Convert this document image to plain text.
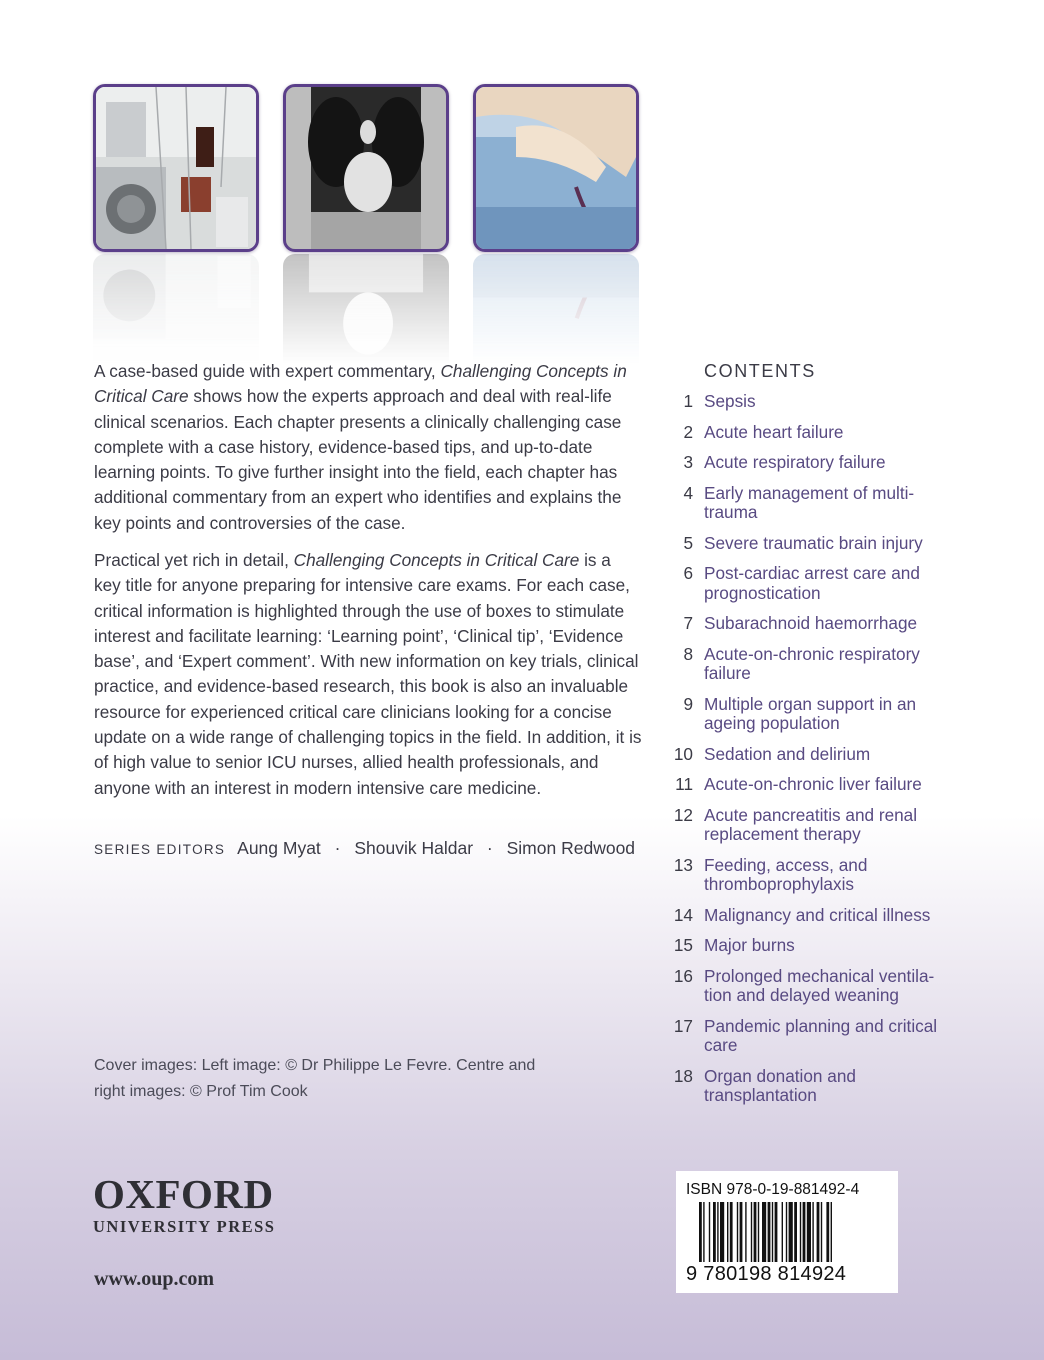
A case-based guide with expert commentary, Challenging Concepts in Critical Care shows how the experts approach and deal with real-life clinical scenarios. Each chapter presents a clinically challenging case complete with a case history, evidence-based tips, and up-to-date learning points. To give further insight into the field, each chapter has additional commentary from an expert who identifies and explains the key points and controversies of the case.

Practical yet rich in detail, Challenging Concepts in Critical Care is a key title for anyone preparing for intensive care exams. For each case, critical information is highlighted through the use of boxes to stimulate interest and facilitate learning: ‘Learning point’, ‘Clinical tip’, ‘Evidence base’, and ‘Expert comment’. With new information on key trials, clinical practice, and evidence-based research, this book is also an invaluable resource for experienced critical care clinicians looking for a concise update on a wide range of challenging topics in the field. In addition, it is of high value to senior ICU nurses, allied health professionals, and anyone with an interest in modern intensive care medicine.

SERIES EDITORS Aung Myat · Shouvik Haldar · Simon Redwood

Cover images: Left image: © Dr Philippe Le Fevre. Centre and right images: © Prof Tim Cook

OXFORD
UNIVERSITY PRESS
www.oup.com
CONTENTS
1 Sepsis
2 Acute heart failure
3 Acute respiratory failure
4 Early management of multi-trauma
5 Severe traumatic brain injury
6 Post-cardiac arrest care and prognostication
7 Subarachnoid haemorrhage
8 Acute-on-chronic respiratory failure
9 Multiple organ support in an ageing population
10 Sedation and delirium
11 Acute-on-chronic liver failure
12 Acute pancreatitis and renal replacement therapy
13 Feeding, access, and thromboprophylaxis
14 Malignancy and critical illness
15 Major burns
16 Prolonged mechanical ventila-tion and delayed weaning
17 Pandemic planning and critical care
18 Organ donation and transplantation
ISBN 978-0-19-881492-4
9 780198 814924
